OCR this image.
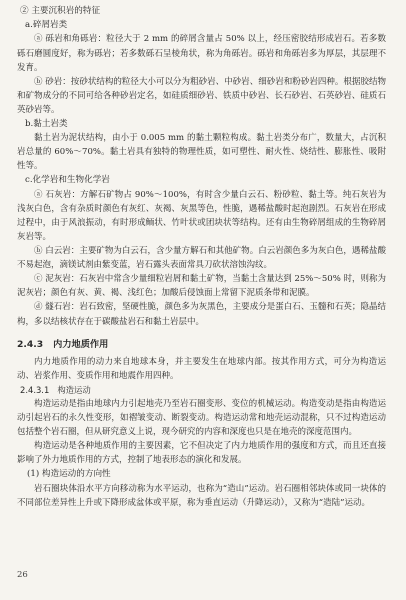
② 主要沉积岩的特征

a.碎屑岩类

ⓐ 砾岩和角砾岩：粒径大于 2 mm 的碎屑含量占 50% 以上，经压密胶结形成岩石。若多数砾石磨圆度好，称为砾岩；若多数砾石呈棱角状，称为角砾岩。砾岩和角砾岩多为厚层，其层理不发育。

ⓑ 砂岩：按砂状结构的粒径大小可以分为粗砂岩、中砂岩、细砂岩和粉砂岩四种。根据胶结物和矿物成分的不同可给各种砂岩定名，如硅质细砂岩、铁质中砂岩、长石砂岩、石英砂岩、硅质石英砂岩等。

b.黏土岩类

黏土岩为泥状结构，由小于 0.005 mm 的黏土颗粒构成。黏土岩类分布广，数量大，占沉积岩总量的 60%～70%。黏土岩具有独特的物理性质，如可塑性、耐火性、烧结性、膨胀性、吸附性等。

c.化学岩和生物化学岩

ⓐ 石灰岩：方解石矿物占 90%～100%，有时含少量白云石、粉砂粒、黏土等。纯石灰岩为浅灰白色，含有杂质时颜色有灰红、灰褐、灰黑等色，性脆，遇稀盐酸时起泡剧烈。石灰岩在形成过程中，由于风浪振动，有时形成鲕状、竹叶状或团块状等结构。还有由生物碎屑组成的生物碎屑灰岩等。

ⓑ 白云岩：主要矿物为白云石，含少量方解石和其他矿物。白云岩颜色多为灰白色，遇稀盐酸不易起泡，滴镁试剂由紫变蓝，岩石露头表面常具刀砍状溶蚀沟纹。

ⓒ 泥灰岩：石灰岩中常含少量细粒岩屑和黏土矿物，当黏土含量达到 25%～50% 时，则称为泥灰岩；颜色有灰、黄、褐、浅红色；加酸后侵蚀面上常留下泥质条带和泥膜。

ⓓ 燧石岩：岩石致密，坚硬性脆，颜色多为灰黑色，主要成分是蛋白石、玉髓和石英；隐晶结构，多以结核状存在于碳酸盐岩石和黏土岩层中。

2.4.3 内力地质作用

内力地质作用的动力来自地球本身，并主要发生在地球内部。按其作用方式，可分为构造运动、岩浆作用、变质作用和地震作用四种。

2.4.3.1 构造运动

构造运动是指由地球内力引起地壳乃至岩石圈变形、变位的机械运动。构造变动是指由构造运动引起岩石的永久性变形，如褶皱变动、断裂变动。构造运动常和地壳运动混称，只不过构造运动包括整个岩石圈，但从研究意义上说，现今研究的内容和深度也只是在地壳的深度范围内。

构造运动是各种地质作用的主要因素，它不但决定了内力地质作用的强度和方式，而且还直接影响了外力地质作用的方式，控制了地表形态的演化和发展。

(1) 构造运动的方向性

岩石圈块体沿水平方向移动称为水平运动，也称为“造山”运动。岩石圈相邻块体或同一块体的不同部位差异性上升或下降形成盆体或平原，称为垂直运动（升降运动），又称为“造陆”运动。

26
